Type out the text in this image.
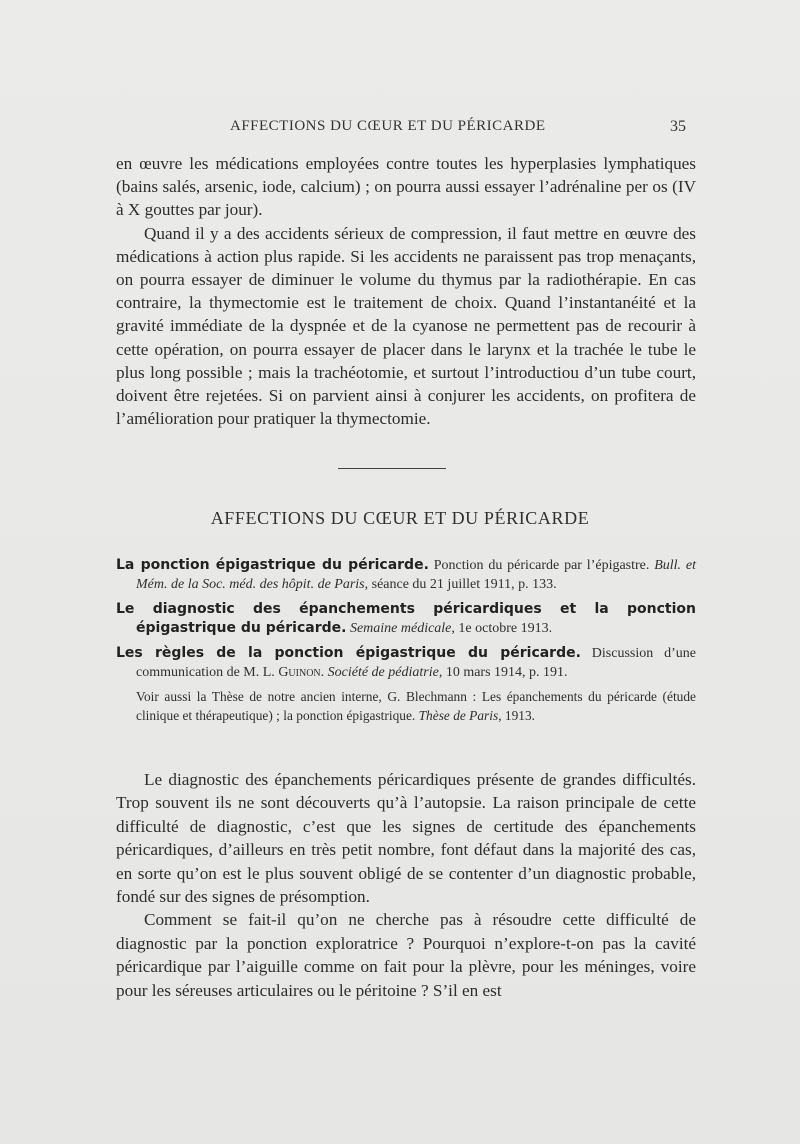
AFFECTIONS DU CŒUR ET DU PÉRICARDE	35

en œuvre les médications employées contre toutes les hyperplasies lymphatiques (bains salés, arsenic, iode, calcium) ; on pourra aussi essayer l’adrénaline per os (IV à X gouttes par jour).

Quand il y a des accidents sérieux de compression, il faut mettre en œuvre des médications à action plus rapide. Si les accidents ne paraissent pas trop menaçants, on pourra essayer de diminuer le volume du thymus par la radiothérapie. En cas contraire, la thymectomie est le traitement de choix. Quand l’instantanéité et la gravité immédiate de la dyspnée et de la cyanose ne permettent pas de recourir à cette opération, on pourra essayer de placer dans le larynx et la trachée le tube le plus long possible ; mais la trachéotomie, et surtout l’introductiou d’un tube court, doivent être rejetées. Si on parvient ainsi à conjurer les accidents, on profitera de l’amélioration pour pratiquer la thymectomie.

AFFECTIONS DU CŒUR ET DU PÉRICARDE

La ponction épigastrique du péricarde. Ponction du péricarde par l’épigastre. Bull. et Mém. de la Soc. méd. des hôpit. de Paris, séance du 21 juillet 1911, p. 133.

Le diagnostic des épanchements péricardiques et la ponction épigastrique du péricarde. Semaine médicale, 1e octobre 1913.

Les règles de la ponction épigastrique du péricarde. Discussion d’une communication de M. L. Guinon. Société de pédiatrie, 10 mars 1914, p. 191.

Voir aussi la Thèse de notre ancien interne, G. Blechmann : Les épanchements du péricarde (étude clinique et thérapeutique) ; la ponction épigastrique. Thèse de Paris, 1913.

Le diagnostic des épanchements péricardiques présente de grandes difficultés. Trop souvent ils ne sont découverts qu’à l’autopsie. La raison principale de cette difficulté de diagnostic, c’est que les signes de certitude des épanchements péricardiques, d’ailleurs en très petit nombre, font défaut dans la majorité des cas, en sorte qu’on est le plus souvent obligé de se contenter d’un diagnostic probable, fondé sur des signes de présomption.

Comment se fait-il qu’on ne cherche pas à résoudre cette difficulté de diagnostic par la ponction exploratrice ? Pourquoi n’explore-t-on pas la cavité péricardique par l’aiguille comme on fait pour la plèvre, pour les méninges, voire pour les séreuses articulaires ou le péritoine ? S’il en est
